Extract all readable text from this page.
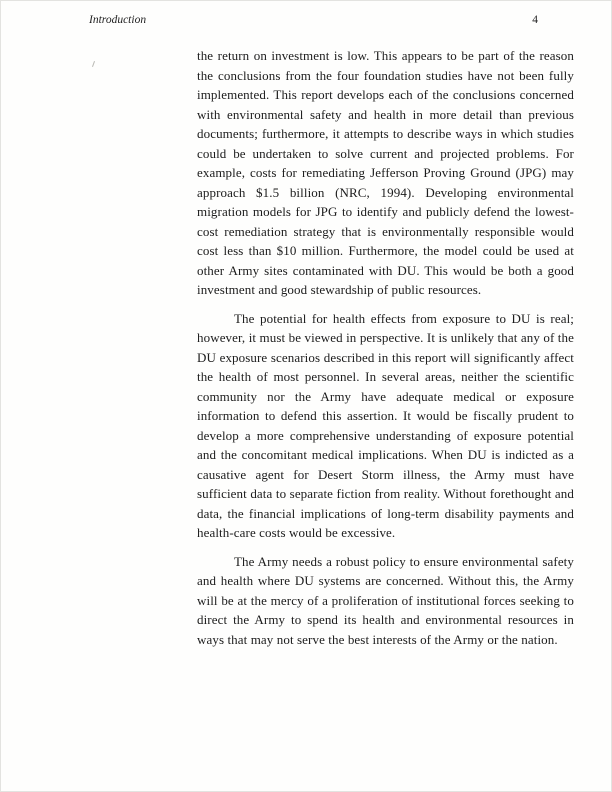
Introduction	4

the return on investment is low. This appears to be part of the reason the conclusions from the four foundation studies have not been fully implemented. This report develops each of the conclusions concerned with environmental safety and health in more detail than previous documents; furthermore, it attempts to describe ways in which studies could be undertaken to solve current and projected problems. For example, costs for remediating Jefferson Proving Ground (JPG) may approach $1.5 billion (NRC, 1994). Developing environmental migration models for JPG to identify and publicly defend the lowest-cost remediation strategy that is environmentally responsible would cost less than $10 million. Furthermore, the model could be used at other Army sites contaminated with DU. This would be both a good investment and good stewardship of public resources.

The potential for health effects from exposure to DU is real; however, it must be viewed in perspective. It is unlikely that any of the DU exposure scenarios described in this report will significantly affect the health of most personnel. In several areas, neither the scientific community nor the Army have adequate medical or exposure information to defend this assertion. It would be fiscally prudent to develop a more comprehensive understanding of exposure potential and the concomitant medical implications. When DU is indicted as a causative agent for Desert Storm illness, the Army must have sufficient data to separate fiction from reality. Without forethought and data, the financial implications of long-term disability payments and health-care costs would be excessive.

The Army needs a robust policy to ensure environmental safety and health where DU systems are concerned. Without this, the Army will be at the mercy of a proliferation of institutional forces seeking to direct the Army to spend its health and environmental resources in ways that may not serve the best interests of the Army or the nation.
